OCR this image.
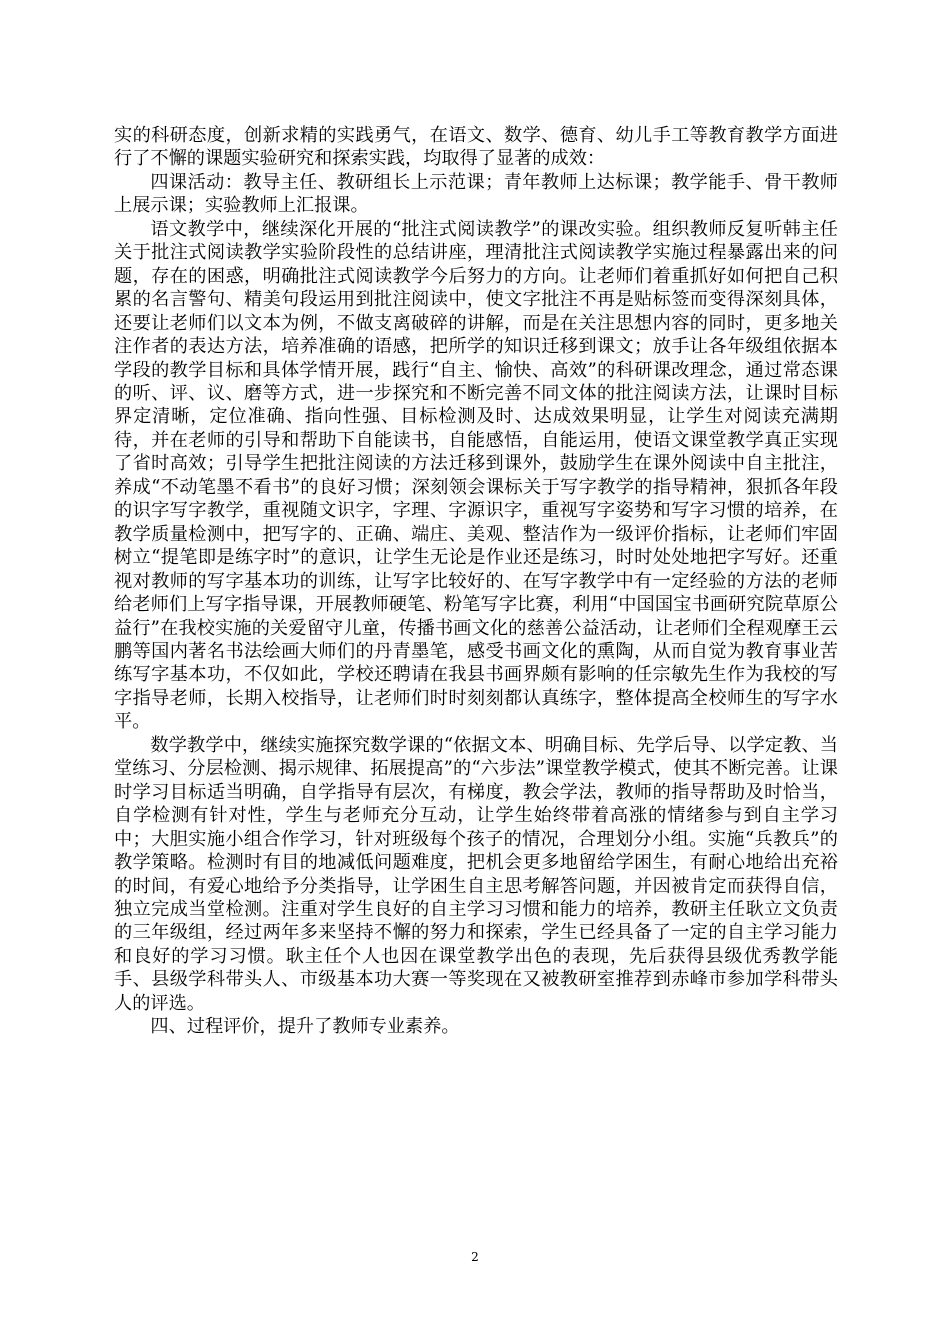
实的科研态度，创新求精的实践勇气，在语文、数学、德育、幼儿手工等教育教学方面进行了不懈的课题实验研究和探索实践，均取得了显著的成效：

四课活动：教导主任、教研组长上示范课；青年教师上达标课；教学能手、骨干教师上展示课；实验教师上汇报课。

语文教学中，继续深化开展的“批注式阅读教学”的课改实验。组织教师反复听韩主任关于批注式阅读教学实验阶段性的总结讲座，理清批注式阅读教学实施过程暴露出来的问题，存在的困惑，明确批注式阅读教学今后努力的方向。让老师们着重抓好如何把自己积累的名言警句、精美句段运用到批注阅读中，使文字批注不再是贴标签而变得深刻具体，还要让老师们以文本为例，不做支离破碎的讲解，而是在关注思想内容的同时，更多地关注作者的表达方法，培养准确的语感，把所学的知识迁移到课文；放手让各年级组依据本学段的教学目标和具体学情开展，践行“自主、愉快、高效”的科研课改理念，通过常态课的听、评、议、磨等方式，进一步探究和不断完善不同文体的批注阅读方法，让课时目标界定清晰，定位准确、指向性强、目标检测及时、达成效果明显，让学生对阅读充满期待，并在老师的引导和帮助下自能读书，自能感悟，自能运用，使语文课堂教学真正实现了省时高效；引导学生把批注阅读的方法迁移到课外，鼓励学生在课外阅读中自主批注，养成“不动笔墨不看书”的良好习惯；深刻领会课标关于写字教学的指导精神，狠抓各年段的识字写字教学，重视随文识字，字理、字源识字，重视写字姿势和写字习惯的培养，在教学质量检测中，把写字的、正确、端庄、美观、整洁作为一级评价指标，让老师们牢固树立“提笔即是练字时”的意识，让学生无论是作业还是练习，时时处处地把字写好。还重视对教师的写字基本功的训练，让写字比较好的、在写字教学中有一定经验的方法的老师给老师们上写字指导课，开展教师硬笔、粉笔写字比赛，利用“中国国宝书画研究院草原公益行”在我校实施的关爱留守儿童，传播书画文化的慈善公益活动，让老师们全程观摩王云鹏等国内著名书法绘画大师们的丹青墨笔，感受书画文化的熏陶，从而自觉为教育事业苦练写字基本功，不仅如此，学校还聘请在我县书画界颇有影响的任宗敏先生作为我校的写字指导老师，长期入校指导，让老师们时时刻刻都认真练字，整体提高全校师生的写字水平。

数学教学中，继续实施探究数学课的“依据文本、明确目标、先学后导、以学定教、当堂练习、分层检测、揭示规律、拓展提高”的“六步法”课堂教学模式，使其不断完善。让课时学习目标适当明确，自学指导有层次，有梯度，教会学法，教师的指导帮助及时恰当，自学检测有针对性，学生与老师充分互动，让学生始终带着高涨的情绪参与到自主学习中；大胆实施小组合作学习，针对班级每个孩子的情况，合理划分小组。实施“兵教兵”的教学策略。检测时有目的地减低问题难度，把机会更多地留给学困生，有耐心地给出充裕的时间，有爱心地给予分类指导，让学困生自主思考解答问题，并因被肯定而获得自信，独立完成当堂检测。注重对学生良好的自主学习习惯和能力的培养，教研主任耿立文负责的三年级组，经过两年多来坚持不懈的努力和探索，学生已经具备了一定的自主学习能力和良好的学习习惯。耿主任个人也因在课堂教学出色的表现，先后获得县级优秀教学能手、县级学科带头人、市级基本功大赛一等奖现在又被教研室推荐到赤峰市参加学科带头人的评选。

四、过程评价，提升了教师专业素养。

2
